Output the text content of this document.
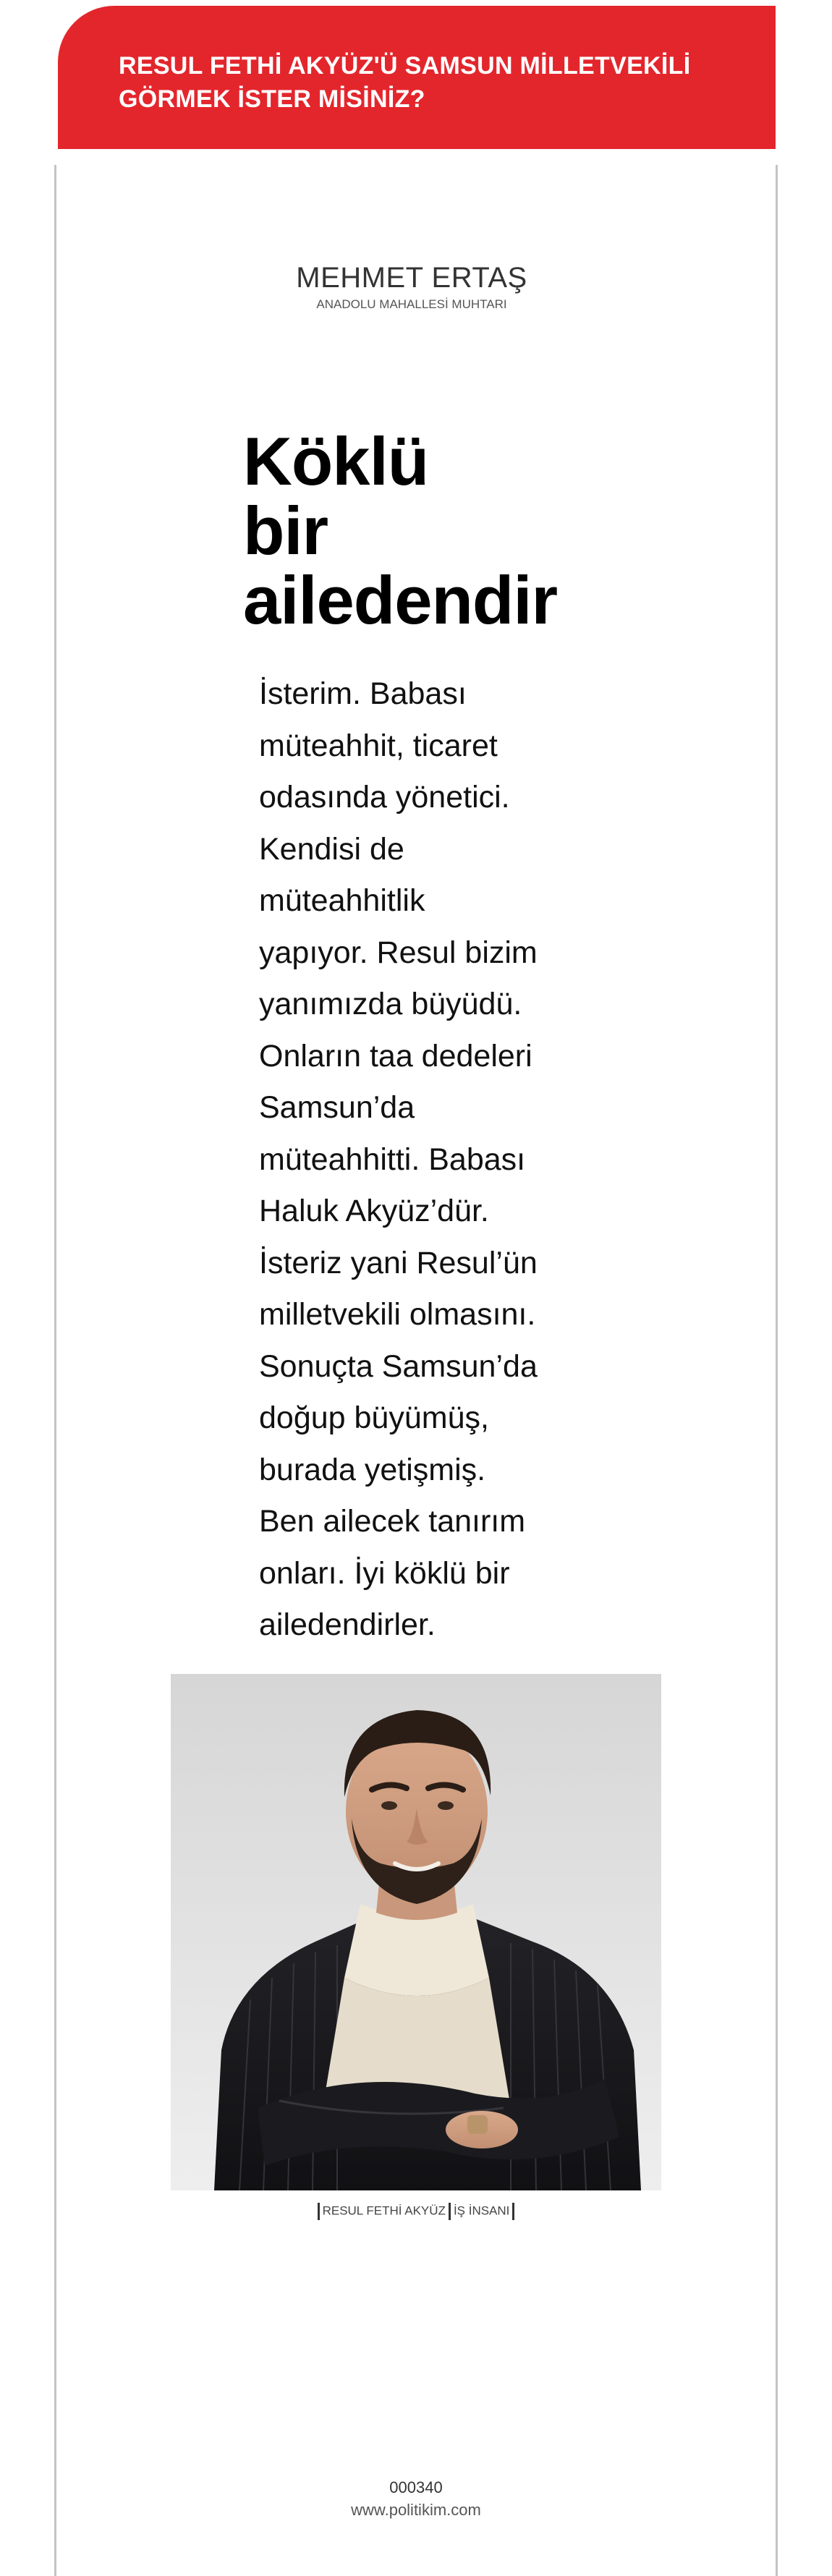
RESUL FETHİ AKYÜZ'Ü SAMSUN MİLLETVEKİLİ GÖRMEK İSTER MİSİNİZ?
MEHMET ERTAŞ
ANADOLU MAHALLESİ MUHTARI
Köklü
bir
ailedendir

İsterim. Babası
müteahhit, ticaret
odasında yönetici.
Kendisi de
müteahhitlik
yapıyor. Resul bizim
yanımızda büyüdü.
Onların taa dedeleri
Samsun’da
müteahhitti. Babası
Haluk Akyüz’dür.
İsteriz yani Resul’ün
milletvekili olmasını.
Sonuçta Samsun’da
doğup büyümüş,
burada yetişmiş.
Ben ailecek tanırım
onları. İyi köklü bir
ailedendirler.

RESUL FETHİ AKYÜZ İŞ İNSANI
000340
www.politikim.com
